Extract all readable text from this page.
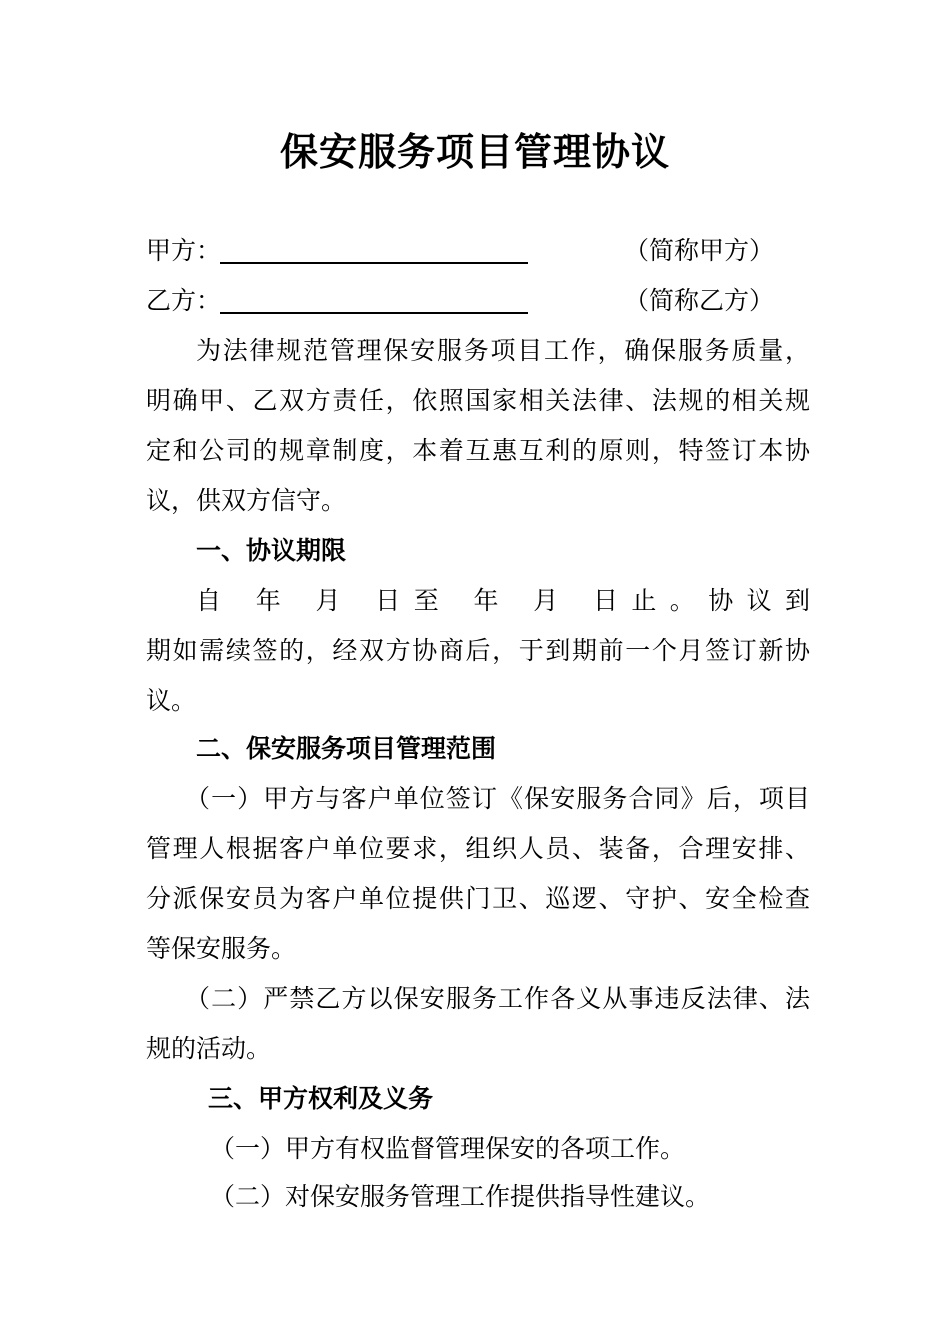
保安服务项目管理协议
甲方：	（简称甲方）
乙方：	（简称乙方）
为法律规范管理保安服务项目工作，确保服务质量，
明确甲、乙双方责任，依照国家相关法律、法规的相关规
定和公司的规章制度，本着互惠互利的原则，特签订本协
议，供双方信守。
一、协议期限
自 年 月 日至 年 月 日止。协议到
期如需续签的，经双方协商后，于到期前一个月签订新协
议。
二、保安服务项目管理范围
（一）甲方与客户单位签订《保安服务合同》后，项目
管理人根据客户单位要求，组织人员、装备，合理安排、
分派保安员为客户单位提供门卫、巡逻、守护、安全检查
等保安服务。
（二）严禁乙方以保安服务工作各义从事违反法律、法
规的活动。
三、甲方权利及义务
（一）甲方有权监督管理保安的各项工作。
（二）对保安服务管理工作提供指导性建议。
